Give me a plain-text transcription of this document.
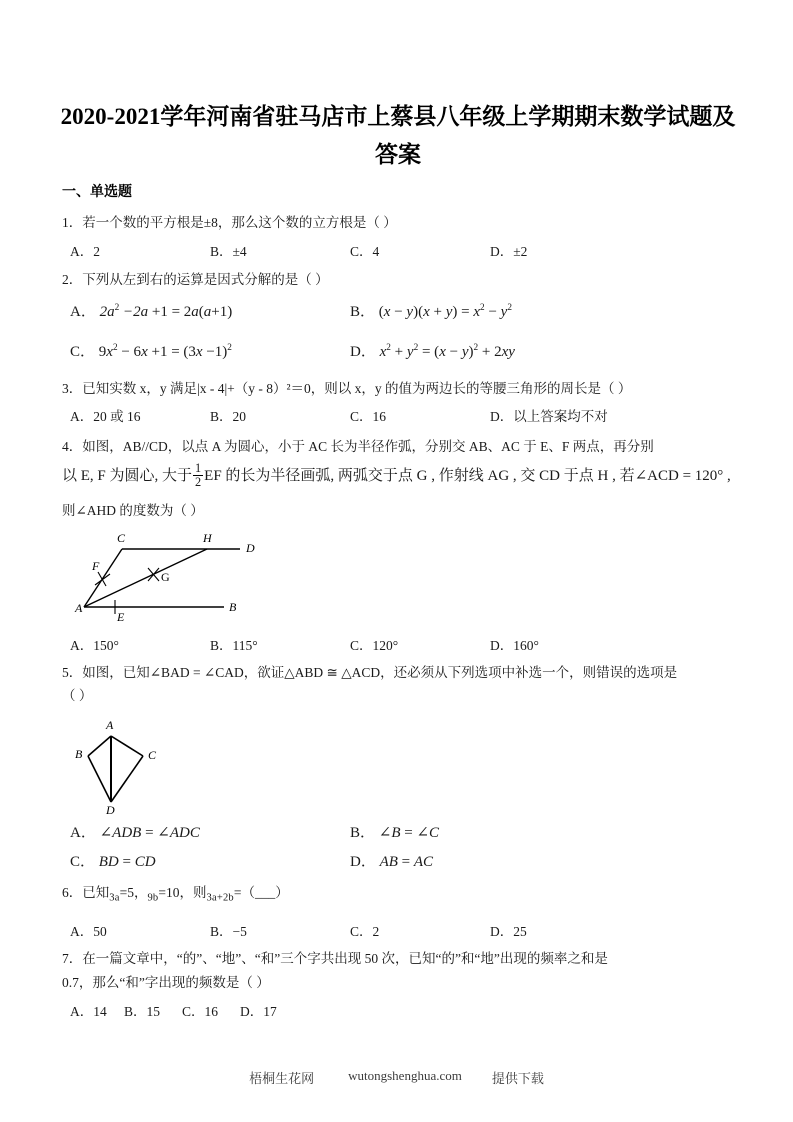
2020-2021学年河南省驻马店市上蔡县八年级上学期期末数学试题及答案
一、单选题
1．若一个数的平方根是±8，那么这个数的立方根是（ ）
A．2	B．±4	C．4	D．±2
2．下列从左到右的运算是因式分解的是（ ）
A． $2a^2 -2a +1 = 2a(a+1)$	B． $(x - y)(x + y) = x^2 - y^2$
C． $9x^2 - 6x +1 = (3x -1)^2$	D． $x^2 + y^2 = (x - y)^2 + 2xy$
3．已知实数 x，y 满足|x - 4|+（y - 8）²＝0，则以 x，y 的值为两边长的等腰三角形的周长是（ ）
A．20 或 16	B．20	C．16	D．以上答案均不对
4．如图，AB//CD，以点 A 为圆心，小于 AC 长为半径作弧，分别交 AB、AC 于 E、F 两点，再分别
以 E, F 为圆心, 大于 $\frac{1}{2}$ EF 的长为半径画弧, 两弧交于点 G , 作射线 AG , 交 CD 于点 H , 若∠ACD = 120° ,
则∠AHD 的度数为（ ）
A	B
C
D
E
F
G
H
A．150°	B．115°	C．120°	D．160°
5．如图，已知∠BAD = ∠CAD，欲证△ABD ≅ △ACD，还必须从下列选项中补选一个，则错误的选项是
（ ）
A
B	C
D
A． ∠ADB = ∠ADC	B． ∠B = ∠C
C． BD = CD	D． AB = AC
6．已知$_{3a}$=5，$_{9b}$=10，则$_{3a+2b}$=（___）
A．50	B．−5	C．2	D．25
7．在一篇文章中，“的”、“地”、“和”三个字共出现 50 次，已知“的”和“地”出现的频率之和是
0.7，那么“和”字出现的频数是（ ）
A．14 B．15 C．16 D．17
梧桐生花网	wutongshenghua.com 提供下载
